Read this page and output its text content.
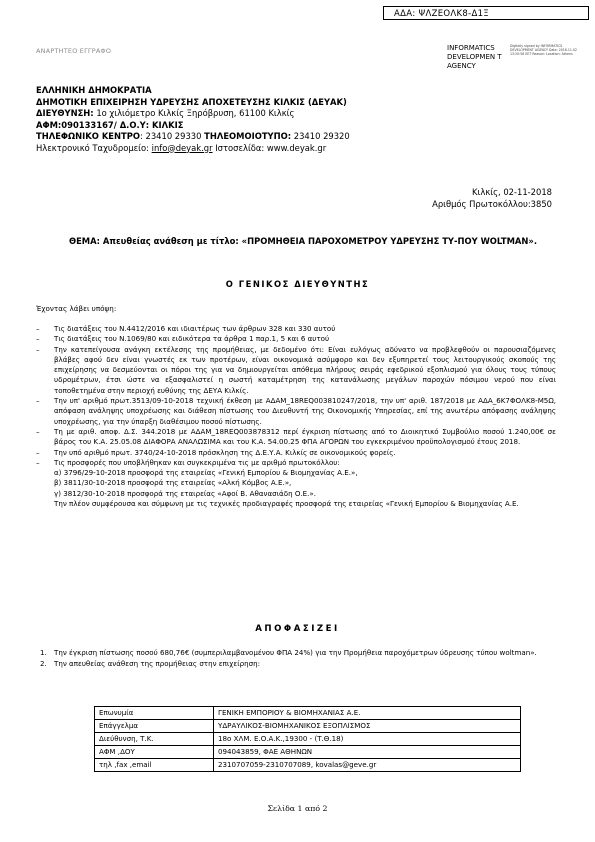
ΑΔΑ: ΨΛΖΕΟΛΚ8-Δ1Ξ
ΑΝΑΡΤΗΤΕΟ ΕΓΓΡΑΦΟ	INFORMATICS DEVELOPMEN T AGENCY
Digitally signed by INFORMATICS DEVELOPMENT AGENCY Date: 2018.11.02 13:20:58 EET Reason: Location: Athens
ΕΛΛΗΝΙΚΗ ΔΗΜΟΚΡΑΤΙΑ
ΔΗΜΟΤΙΚΗ ΕΠΙΧΕΙΡΗΣΗ ΥΔΡΕΥΣΗΣ ΑΠΟΧΕΤΕΥΣΗΣ ΚΙΛΚΙΣ (ΔΕΥΑΚ)
ΔΙΕΥΘΥΝΣΗ: 1ο χιλιόμετρο Κιλκίς Ξηρόβρυση, 61100 Κιλκίς
ΑΦΜ:090133167/ Δ.Ο.Υ: ΚΙΛΚΙΣ
ΤΗΛΕΦΩΝΙΚΟ ΚΕΝΤΡΟ: 23410 29330 ΤΗΛΕΟΜΟΙΟΤΥΠΟ: 23410 29320
Ηλεκτρονικό Ταχυδρομείο: info@deyak.gr Ιστοσελίδα: www.deyak.gr
Κιλκίς, 02-11-2018
Αριθμός Πρωτοκόλλου:3850
ΘΕΜΑ: Απευθείας ανάθεση με τίτλο: «ΠΡΟΜΗΘΕΙΑ ΠΑΡΟΧΟΜΕΤΡΟΥ ΥΔΡΕΥΣΗΣ ΤΥ-ΠΟΥ WOLTMAN».
Ο ΓΕΝΙΚΟΣ ΔΙΕΥΘΥΝΤΗΣ
Έχοντας λάβει υπόψη:
– Τις διατάξεις του Ν.4412/2016 και ιδιαιτέρως των άρθρων 328 και 330 αυτού
– Τις διατάξεις του Ν.1069/80 και ειδικότερα τα άρθρα 1 παρ.1, 5 και 6 αυτού
– Την κατεπείγουσα ανάγκη εκτέλεσης της προμήθειας, με δεδομένο ότι: Είναι ευλόγως αδύνατο να προβλεφθούν οι παρουσιαζόμενες βλάβες αφού δεν είναι γνωστές εκ των προτέρων, είναι οικονομικά ασύμφορο και δεν εξυπηρετεί τους λειτουργικούς σκοπούς της επιχείρησης να δεσμεύονται οι πόροι της για να δημιουργείται απόθεμα πλήρους σειράς εφεδρικού εξοπλισμού για όλους τους τύπους υδρομέτρων, έτσι ώστε να εξασφαλιστεί η σωστή καταμέτρηση της κατανάλωσης μεγάλων παροχών πόσιμου νερού που είναι τοποθετημένα στην περιοχή ευθύνης της ΔΕΥΑ Κιλκίς.
– Την υπ' αριθμό πρωτ.3513/09-10-2018 τεχνική έκθεση με ΑΔΑΜ_18REQ003810247/2018, την υπ' αριθ. 187/2018 με ΑΔΑ_6Κ7ΦΟΛΚ8-Μ5Ω, απόφαση ανάληψης υποχρέωσης και διάθεση πίστωσης του Διευθυντή της Οικονομικής Υπηρεσίας, επί της ανωτέρω απόφασης ανάληψης υποχρέωσης, για την ύπαρξη διαθέσιμου ποσού πίστωσης.
– Τη με αριθ. αποφ. Δ.Σ. 344.2018 με ΑΔΑΜ_18REQ003878312 περί έγκριση πίστωσης από το Διοικητικό Συμβούλιο ποσού 1.240,00€ σε βάρος του Κ.Α. 25.05.08 ΔΙΑΦΟΡΑ ΑΝΑΛΩΣΙΜΑ και του Κ.Α. 54.00.25 ΦΠΑ ΑΓΟΡΩΝ του εγκεκριμένου προϋπολογισμού έτους 2018.
– Την υπό αριθμό πρωτ. 3740/24-10-2018 πρόσκληση της Δ.Ε.Υ.Α. Κιλκίς σε οικονομικούς φορείς.
– Τις προσφορές που υποβλήθηκαν και συγκεκριμένα τις με αριθμό πρωτοκόλλου:
α) 3796/29-10-2018 προσφορά της εταιρείας «Γενική Εμπορίου & Βιομηχανίας Α.Ε.»,
β) 3811/30-10-2018 προσφορά της εταιρείας «Αλκή Κόμβος Α.Ε.»,
γ) 3812/30-10-2018 προσφορά της εταιρείας «Αφοί Β. Αθανασιάδη Ο.Ε.».
Την πλέον συμφέρουσα και σύμφωνη με τις τεχνικές προδιαγραφές προσφορά της εταιρείας «Γενική Εμπορίου & Βιομηχανίας Α.Ε.
ΑΠΟΦΑΣΙΖΕΙ
1. Την έγκριση πίστωσης ποσού 680,76€ (συμπεριλαμβανομένου ΦΠΑ 24%) για την Προμήθεια παροχόμετρων ύδρευσης τύπου woltman».
2. Την απευθείας ανάθεση της προμήθειας στην επιχείρηση:
Επωνυμία	ΓΕΝΙΚΗ ΕΜΠΟΡΙΟΥ & ΒΙΟΜΗΧΑΝΙΑΣ Α.Ε.
Επάγγελμα	ΥΔΡΑΥΛΙΚΟΣ-ΒΙΟΜΗΧΑΝΙΚΟΣ ΕΞΟΠΛΙΣΜΟΣ
Διεύθυνση, Τ.Κ.	18ο ΧΛΜ. Ε.Ο.Α.Κ.,19300 - (Τ.Θ.18)
ΑΦΜ ,ΔΟΥ	094043859, ΦΑΕ ΑΘΗΝΩΝ
τηλ ,fax ,email	2310707059-2310707089, kovalas@geve.gr
Σελίδα 1 από 2
